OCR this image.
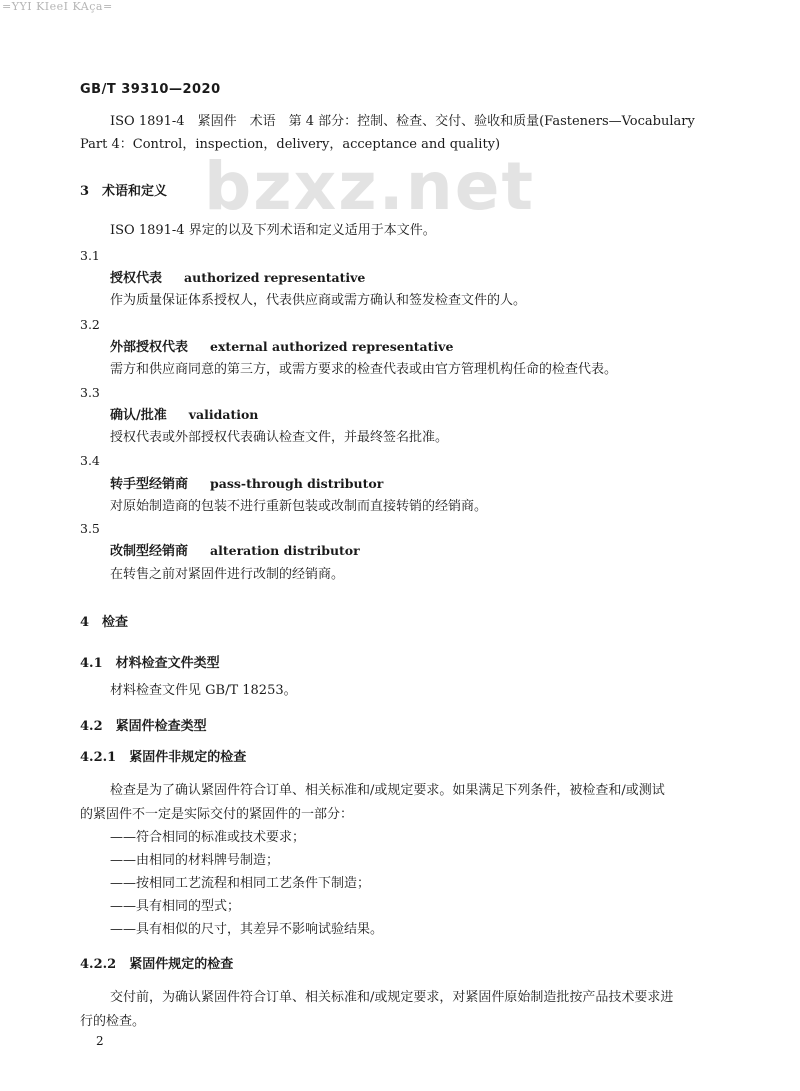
=YYI KIeeI KAça=
bzxz.net
GB/T 39310—2020
ISO 1891-4　紧固件　术语　第 4 部分：控制、检查、交付、验收和质量(Fasteners—Vocabulary
Part 4：Control，inspection，delivery，acceptance and quality)
3　术语和定义
ISO 1891-4 界定的以及下列术语和定义适用于本文件。
3.1
授权代表 authorized representative
作为质量保证体系授权人，代表供应商或需方确认和签发检查文件的人。
3.2
外部授权代表 external authorized representative
需方和供应商同意的第三方，或需方要求的检查代表或由官方管理机构任命的检查代表。
3.3
确认/批准 validation
授权代表或外部授权代表确认检查文件，并最终签名批准。
3.4
转手型经销商 pass-through distributor
对原始制造商的包装不进行重新包装或改制而直接转销的经销商。
3.5
改制型经销商 alteration distributor
在转售之前对紧固件进行改制的经销商。
4　检查
4.1　材料检查文件类型
材料检查文件见 GB/T 18253。
4.2　紧固件检查类型
4.2.1　紧固件非规定的检查
检查是为了确认紧固件符合订单、相关标准和/或规定要求。如果满足下列条件，被检查和/或测试
的紧固件不一定是实际交付的紧固件的一部分：
——符合相同的标准或技术要求；
——由相同的材料牌号制造；
——按相同工艺流程和相同工艺条件下制造；
——具有相同的型式；
——具有相似的尺寸，其差异不影响试验结果。
4.2.2　紧固件规定的检查
交付前，为确认紧固件符合订单、相关标准和/或规定要求，对紧固件原始制造批按产品技术要求进
行的检查。
2
